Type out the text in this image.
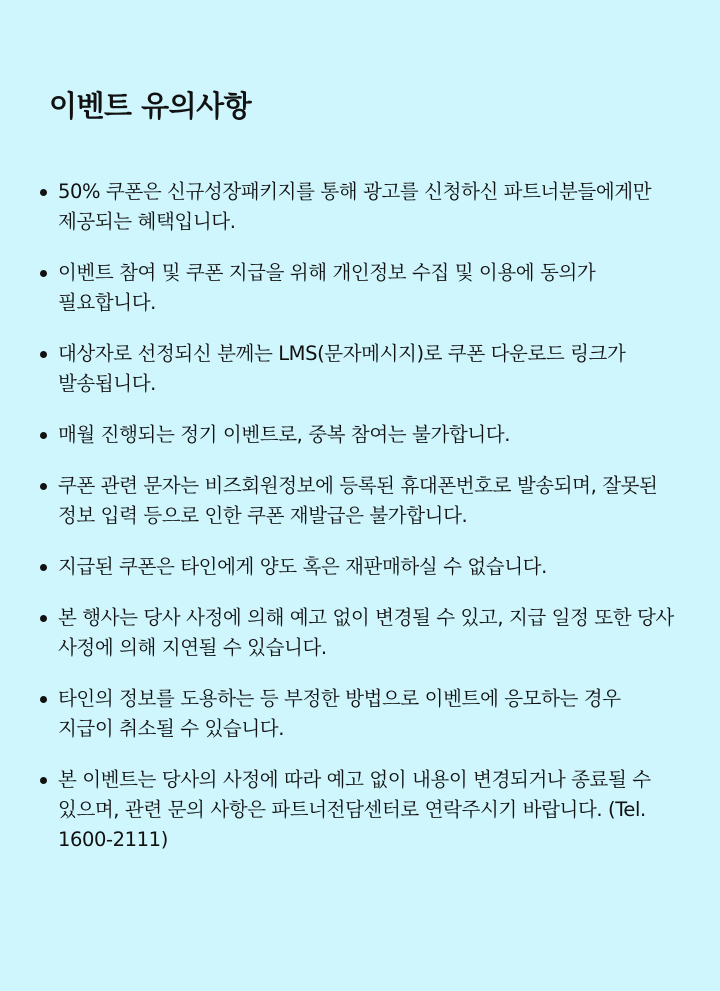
이벤트 유의사항
50% 쿠폰은 신규성장패키지를 통해 광고를 신청하신 파트너분들에게만 제공되는 혜택입니다.
이벤트 참여 및 쿠폰 지급을 위해 개인정보 수집 및 이용에 동의가 필요합니다.
대상자로 선정되신 분께는 LMS(문자메시지)로 쿠폰 다운로드 링크가 발송됩니다.
매월 진행되는 정기 이벤트로, 중복 참여는 불가합니다.
쿠폰 관련 문자는 비즈회원정보에 등록된 휴대폰번호로 발송되며, 잘못된 정보 입력 등으로 인한 쿠폰 재발급은 불가합니다.
지급된 쿠폰은 타인에게 양도 혹은 재판매하실 수 없습니다.
본 행사는 당사 사정에 의해 예고 없이 변경될 수 있고, 지급 일정 또한 당사 사정에 의해 지연될 수 있습니다.
타인의 정보를 도용하는 등 부정한 방법으로 이벤트에 응모하는 경우 지급이 취소될 수 있습니다.
본 이벤트는 당사의 사정에 따라 예고 없이 내용이 변경되거나 종료될 수 있으며, 관련 문의 사항은 파트너전담센터로 연락주시기 바랍니다. (Tel. 1600-2111)
